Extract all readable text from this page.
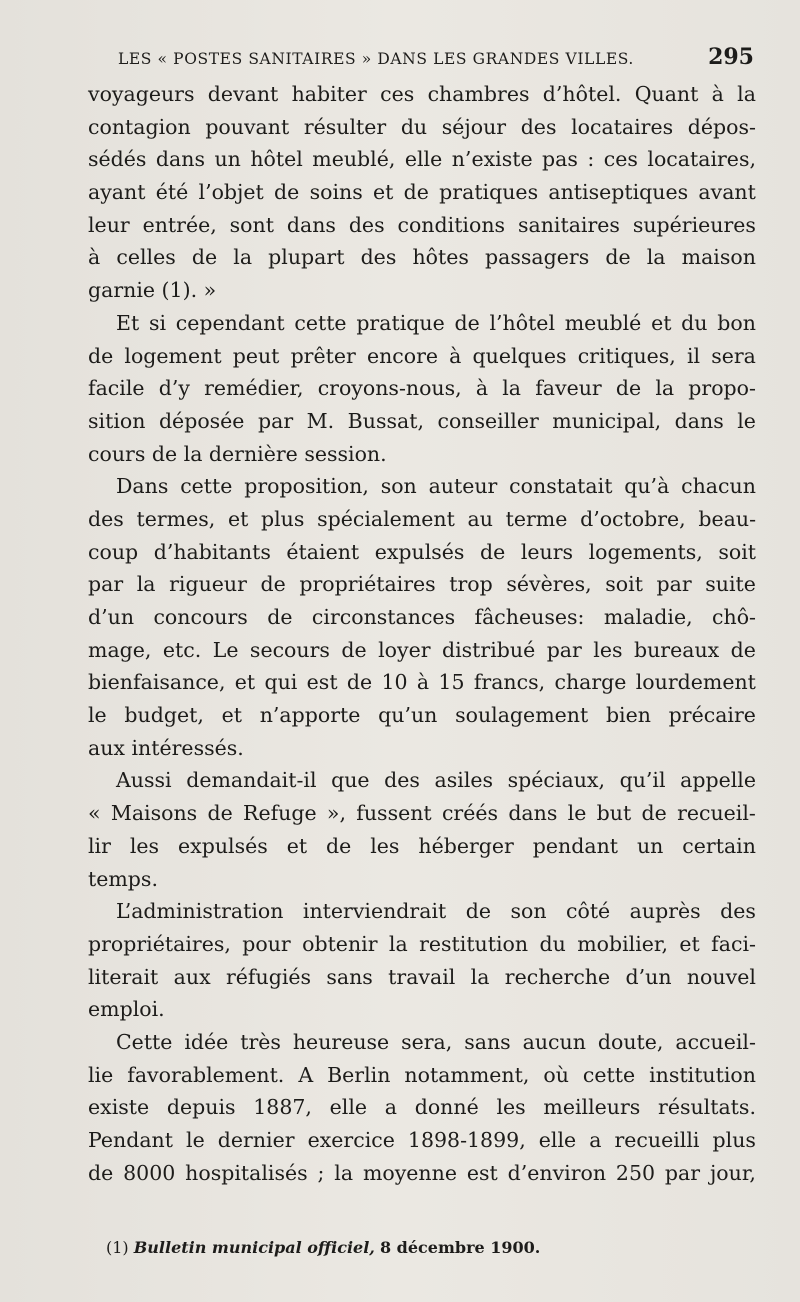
LES « POSTES SANITAIRES » DANS LES GRANDES VILLES.	295
voyageurs devant habiter ces chambres d’hôtel. Quant à la
contagion pouvant résulter du séjour des locataires dépos-
sédés dans un hôtel meublé, elle n’existe pas : ces locataires,
ayant été l’objet de soins et de pratiques antiseptiques avant
leur entrée, sont dans des conditions sanitaires supérieures
à celles de la plupart des hôtes passagers de la maison
garnie (1). »
Et si cependant cette pratique de l’hôtel meublé et du bon
de logement peut prêter encore à quelques critiques, il sera
facile d’y remédier, croyons-nous, à la faveur de la propo-
sition déposée par M. Bussat, conseiller municipal, dans le
cours de la dernière session.
Dans cette proposition, son auteur constatait qu’à chacun
des termes, et plus spécialement au terme d’octobre, beau-
coup d’habitants étaient expulsés de leurs logements, soit
par la rigueur de propriétaires trop sévères, soit par suite
d’un concours de circonstances fâcheuses: maladie, chô-
mage, etc. Le secours de loyer distribué par les bureaux de
bienfaisance, et qui est de 10 à 15 francs, charge lourdement
le budget, et n’apporte qu’un soulagement bien précaire
aux intéressés.
Aussi demandait-il que des asiles spéciaux, qu’il appelle
« Maisons de Refuge », fussent créés dans le but de recueil-
lir les expulsés et de les héberger pendant un certain
temps.
L’administration interviendrait de son côté auprès des
propriétaires, pour obtenir la restitution du mobilier, et faci-
literait aux réfugiés sans travail la recherche d’un nouvel
emploi.
Cette idée très heureuse sera, sans aucun doute, accueil-
lie favorablement. A Berlin notamment, où cette institution
existe depuis 1887, elle a donné les meilleurs résultats.
Pendant le dernier exercice 1898-1899, elle a recueilli plus
de 8000 hospitalisés ; la moyenne est d’environ 250 par jour,
(1) Bulletin municipal officiel, 8 décembre 1900.
